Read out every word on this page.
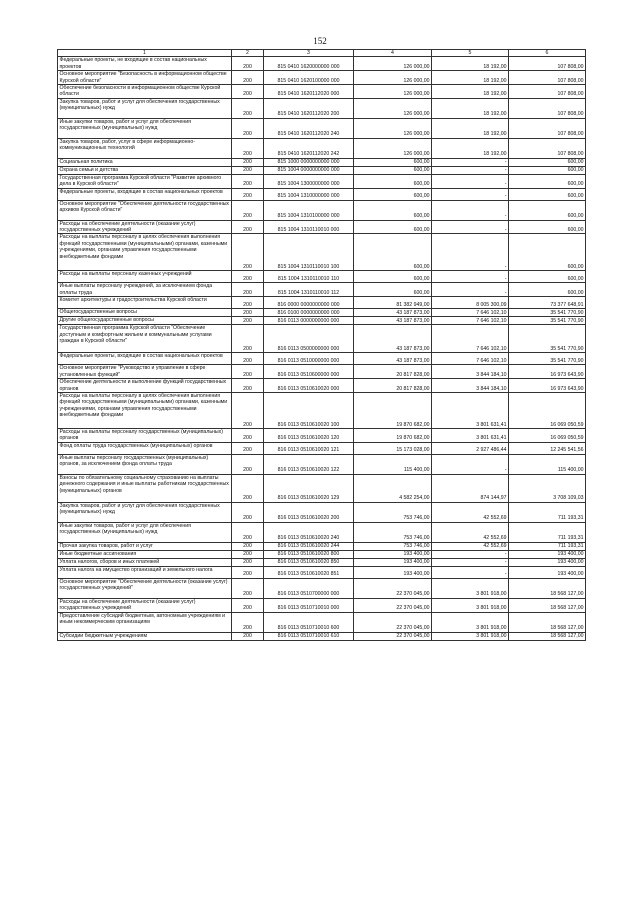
152
1	2	3	4	5	6
Федеральные проекты, не входящие в состав национальных проектов	200	815 0410 1620000000 000	126 000,00	18 192,00	107 808,00
Основное мероприятие "Безопасность в информационном обществе Курской области"	200	815 0410 1620100000 000	126 000,00	18 192,00	107 808,00
Обеспечение безопасности в информационном обществе Курской области	200	815 0410 1620112020 000	126 000,00	18 192,00	107 808,00
Закупка товаров, работ и услуг для обеспечения государственных (муниципальных) нужд	200	815 0410 1620112020 200	126 000,00	18 192,00	107 808,00
Иные закупки товаров, работ и услуг для обеспечения государственных (муниципальных) нужд	200	815 0410 1620112020 240	126 000,00	18 192,00	107 808,00
Закупка товаров, работ, услуг в сфере информационно-коммуникационных технологий	200	815 0410 1620112020 242	126 000,00	18 192,00	107 808,00
Социальная политика	200	815 1000 0000000000 000	600,00	-	600,00
Охрана семьи и детства	200	815 1004 0000000000 000	600,00	-	600,00
Государственная программа Курской области "Развитие архивного дела в Курской области"	200	815 1004 1300000000 000	600,00	-	600,00
Федеральные проекты, входящие в состав национальных проектов	200	815 1004 1310000000 000	600,00	-	600,00
Основное мероприятие "Обеспечение деятельности государственных архивов Курской области"	200	815 1004 1310100000 000	600,00	-	600,00
Расходы на обеспечение деятельности (оказание услуг) государственных учреждений	200	815 1004 1310110010 000	600,00	-	600,00
Расходы на выплаты персоналу в целях обеспечения выполнения функций государственными (муниципальными) органами, казенными учреждениями, органами управления государственными внебюджетными фондами	200	815 1004 1310110010 100	600,00	-	600,00
Расходы на выплаты персоналу казенных учреждений	200	815 1004 1310110010 110	600,00	-	600,00
Иные выплаты персоналу учреждений, за исключением фонда оплаты труда	200	815 1004 1310110010 112	600,00	-	600,00
Комитет архитектуры и градостроительства Курской области	200	816 0000 0000000000 000	81 382 949,00	8 005 300,09	73 377 648,91
Общегосударственные вопросы	200	816 0100 0000000000 000	43 187 873,00	7 646 102,10	35 541 770,90
Другие общегосударственные вопросы	200	816 0113 0000000000 000	43 187 873,00	7 646 102,10	35 541 770,90
Государственная программа Курской области "Обеспечение доступным и комфортным жильем и коммунальными услугами граждан в Курской области"	200	816 0113 0500000000 000	43 187 873,00	7 646 102,10	35 541 770,90
Федеральные проекты, входящие в состав национальных проектов	200	816 0113 0510000000 000	43 187 873,00	7 646 102,10	35 541 770,90
Основное мероприятие "Руководство и управление в сфере установленных функций"	200	816 0113 0510600000 000	20 817 828,00	3 844 184,10	16 973 643,90
Обеспечение деятельности и выполнение функций государственных органов	200	816 0113 0510610020 000	20 817 828,00	3 844 184,10	16 973 643,90
Расходы на выплаты персоналу в целях обеспечения выполнения функций государственными (муниципальными) органами, казенными учреждениями, органами управления государственными внебюджетными фондами	200	816 0113 0510610020 100	19 870 682,00	3 801 631,41	16 069 050,59
Расходы на выплаты персоналу государственных (муниципальных) органов	200	816 0113 0510610020 120	19 870 682,00	3 801 631,41	16 069 050,59
Фонд оплаты труда государственных (муниципальных) органов	200	816 0113 0510610020 121	15 173 028,00	2 927 486,44	12 245 541,56
Иные выплаты персоналу государственных (муниципальных) органов, за исключением фонда оплаты труда	200	816 0113 0510610020 122	115 400,00	-	115 400,00
Взносы по обязательному социальному страхованию на выплаты денежного содержания и иные выплаты работникам государственных (муниципальных) органов	200	816 0113 0510610020 129	4 582 254,00	874 144,97	3 708 109,03
Закупка товаров, работ и услуг для обеспечения государственных (муниципальных) нужд	200	816 0113 0510610020 200	753 746,00	42 552,69	711 193,31
Иные закупки товаров, работ и услуг для обеспечения государственных (муниципальных) нужд	200	816 0113 0510610020 240	753 746,00	42 552,69	711 193,31
Прочая закупка товаров, работ и услуг	200	816 0113 0510610020 244	753 746,00	42 552,69	711 193,31
Иные бюджетные ассигнования	200	816 0113 0510610020 800	193 400,00	-	193 400,00
Уплата налогов, сборов и иных платежей	200	816 0113 0510610020 850	193 400,00	-	193 400,00
Уплата налога на имущество организаций и земельного налога	200	816 0113 0510610020 851	193 400,00	-	193 400,00
Основное мероприятие "Обеспечение деятельности (оказание услуг) государственных учреждений"	200	816 0113 0510700000 000	22 370 045,00	3 801 918,00	18 568 127,00
Расходы на обеспечение деятельности (оказание услуг) государственных учреждений	200	816 0113 0510710010 000	22 370 045,00	3 801 918,00	18 568 127,00
Предоставление субсидий бюджетным, автономным учреждениям и иным некоммерческим организациям	200	816 0113 0510710010 600	22 370 045,00	3 801 918,00	18 568 127,00
Субсидии бюджетным учреждениям	200	816 0113 0510710010 610	22 370 045,00	3 801 918,00	18 568 127,00
